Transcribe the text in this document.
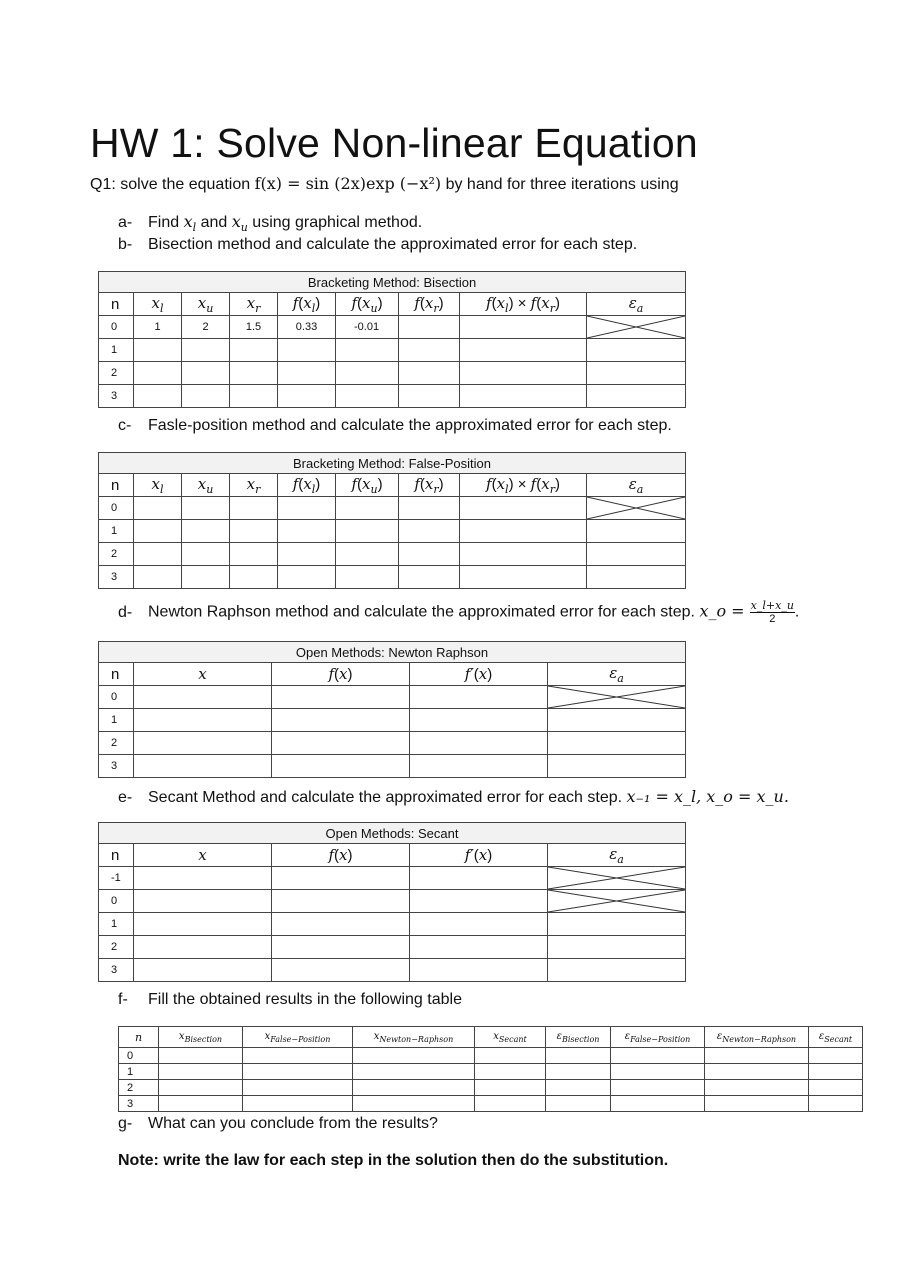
HW 1: Solve Non-linear Equation
Q1: solve the equation f(x) = sin (2x)exp (−x²) by hand for three iterations using
a- Find $x_l$ and $x_u$ using graphical method.
b- Bisection method and calculate the approximated error for each step.
Bracketing Method: Bisection								
n	$x_l$	$x_u$	$x_r$	$f(x_l)$	$f(x_u)$	$f(x_r)$	$f(x_l) \times f(x_r)$	$\varepsilon_a$
0	1	2	1.5	0.33	-0.01			

1								
2								
3								
c- Fasle-position method and calculate the approximated error for each step.
Bracketing Method: False-Position								
n	$x_l$	$x_u$	$x_r$	$f(x_l)$	$f(x_u)$	$f(x_r)$	$f(x_l) \times f(x_r)$	$\varepsilon_a$
0								

1								
2								
3								
d- Newton Raphson method and calculate the approximated error for each step. x_o = $\frac{x\_l+x\_u}{2}$ .
Open Methods: Newton Raphson				
n	x	f(x)	f′(x)	$\varepsilon_a$
0				

1				
2				
3				
e- Secant Method and calculate the approximated error for each step. x₋₁ = x_l, x_o = x_u.
Open Methods: Secant				
n	x	f(x)	f′(x)	$\varepsilon_a$
-1				

0				

1				
2				
3				
f- Fill the obtained results in the following table
n	$x_{Bisection}$	$x_{False-Position}$	$x_{Newton-Raphson}$	$x_{Secant}$	$\varepsilon_{Bisection}$	$\varepsilon_{False-Position}$	$\varepsilon_{Newton-Raphson}$	$\varepsilon_{Secant}$
0								
1								
2								
3								
g- What can you conclude from the results?
Note: write the law for each step in the solution then do the substitution.
